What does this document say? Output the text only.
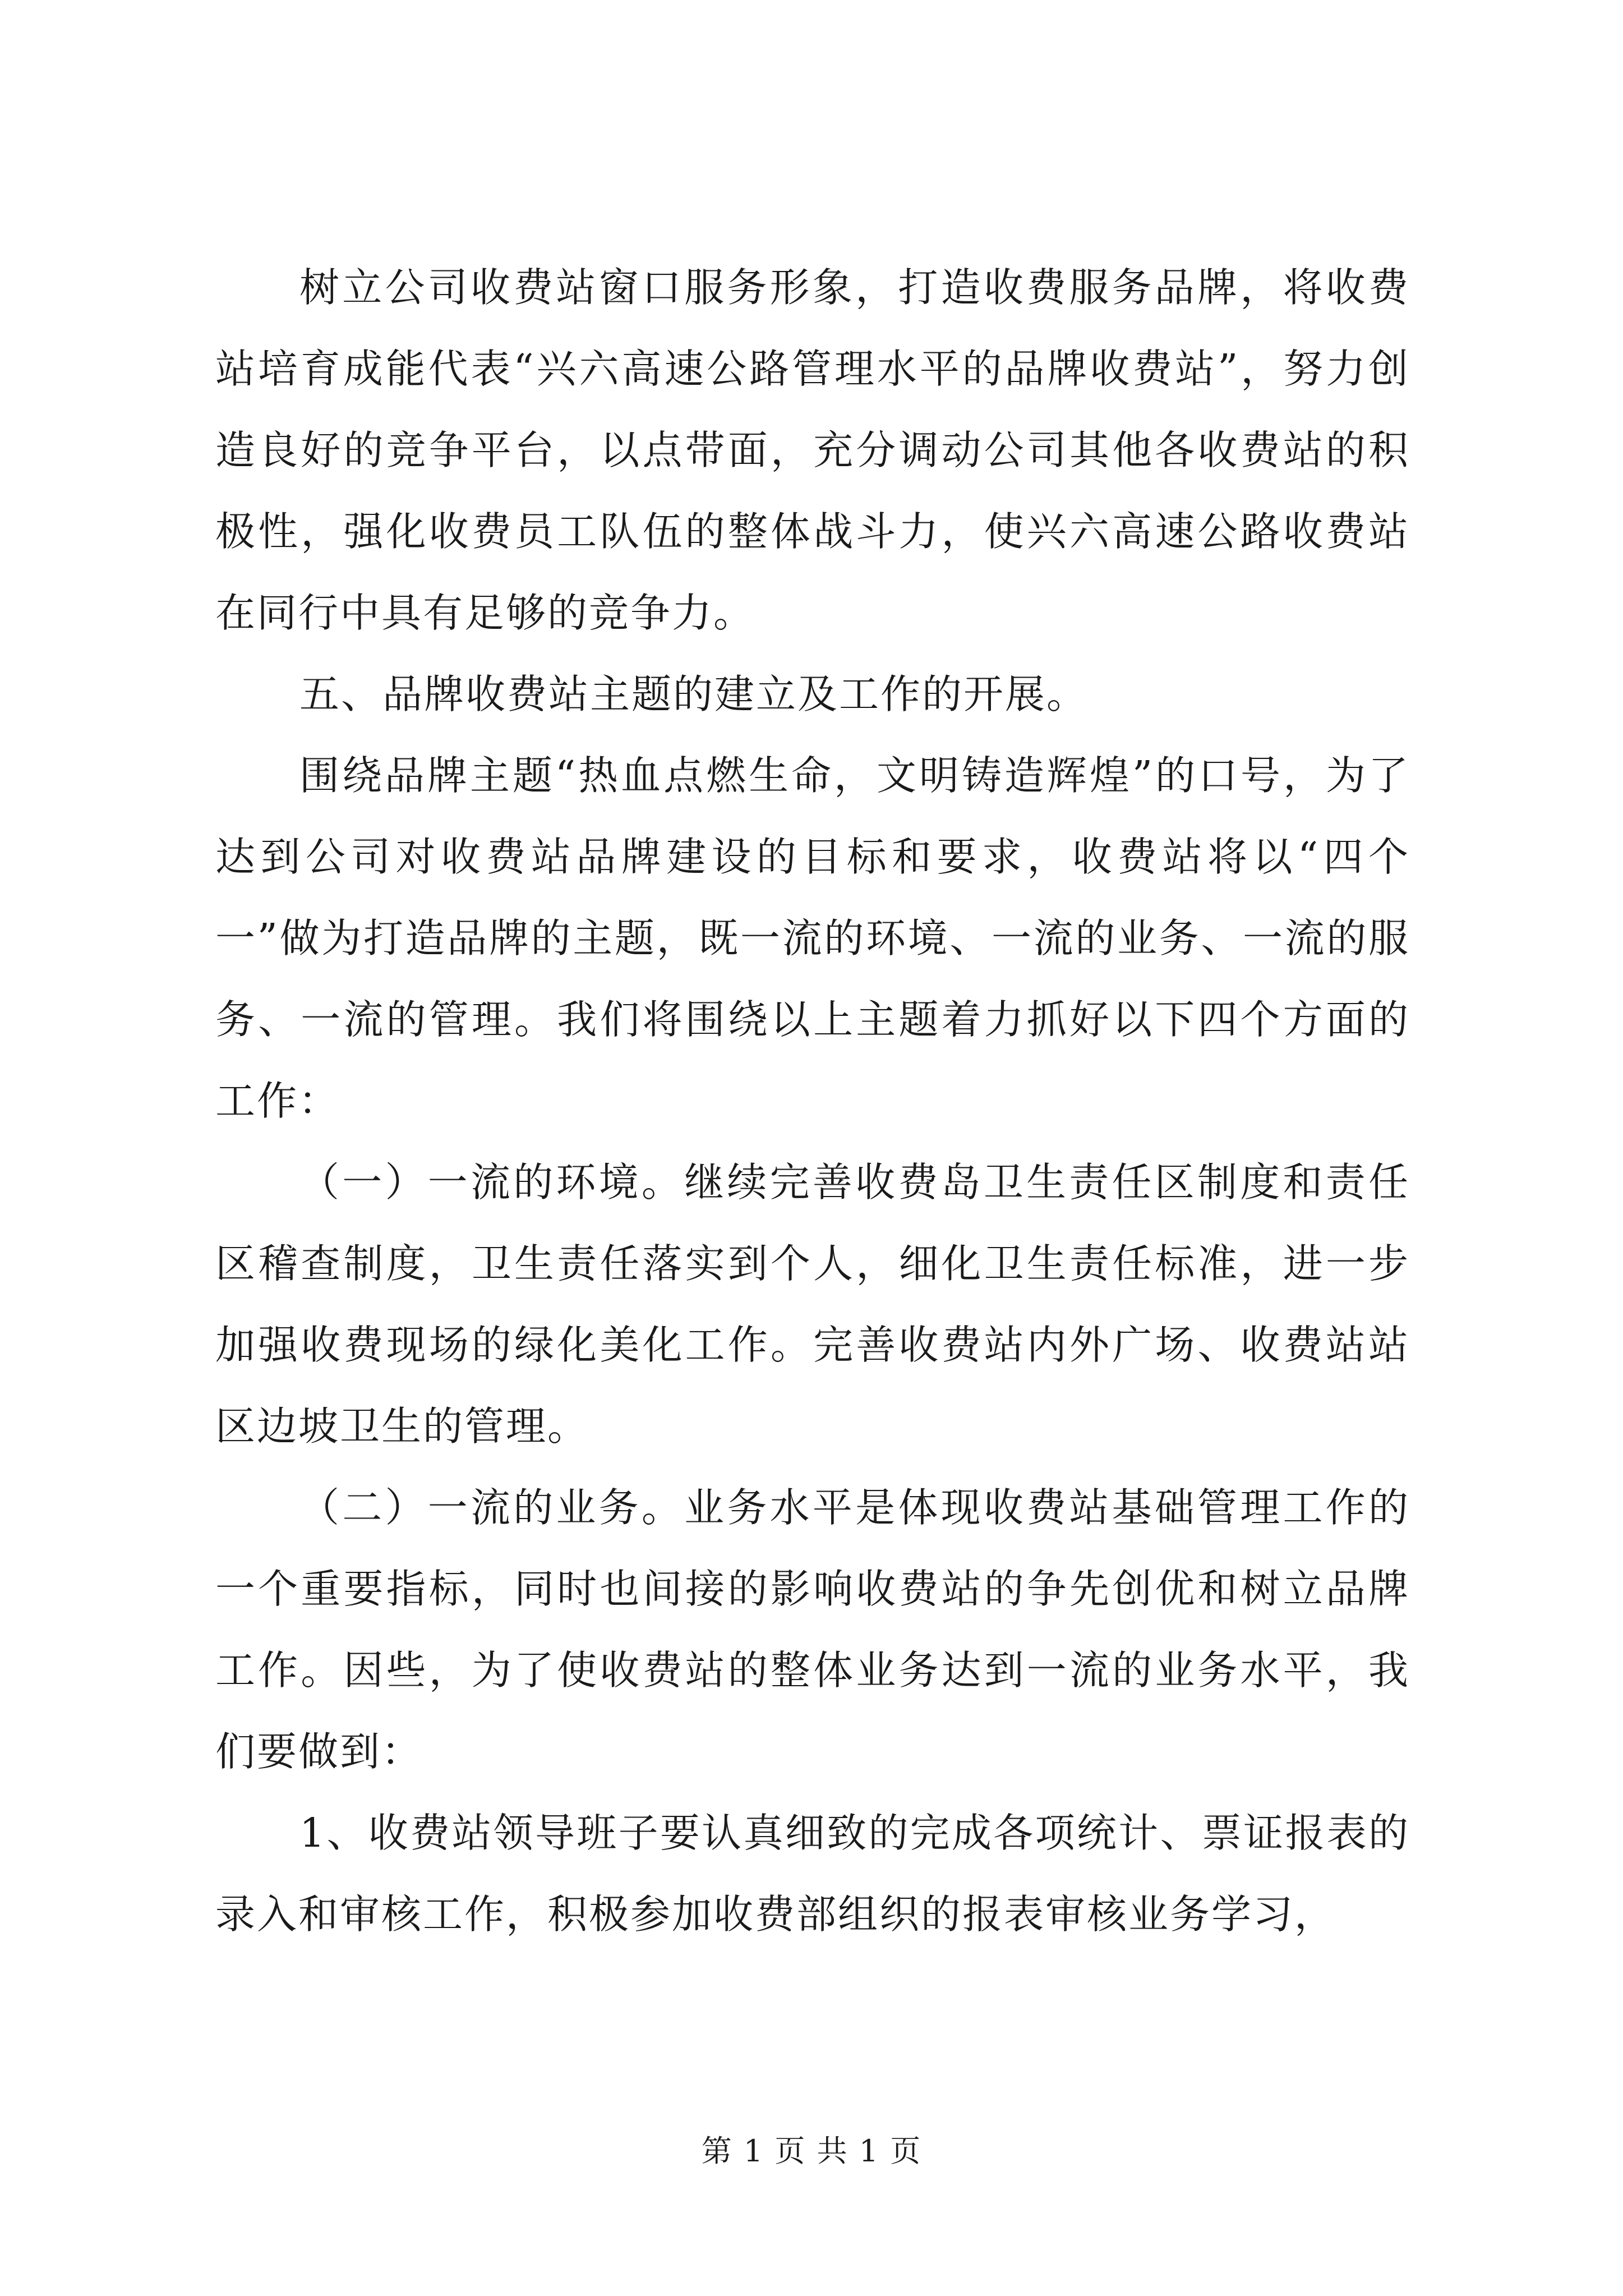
树立公司收费站窗口服务形象，打造收费服务品牌，将收费站培育成能代表“兴六高速公路管理水平的品牌收费站”，努力创造良好的竞争平台，以点带面，充分调动公司其他各收费站的积极性，强化收费员工队伍的整体战斗力，使兴六高速公路收费站在同行中具有足够的竞争力。

五、品牌收费站主题的建立及工作的开展。

围绕品牌主题“热血点燃生命，文明铸造辉煌”的口号，为了达到公司对收费站品牌建设的目标和要求，收费站将以“四个一”做为打造品牌的主题，既一流的环境、一流的业务、一流的服务、一流的管理。我们将围绕以上主题着力抓好以下四个方面的工作：

（一）一流的环境。继续完善收费岛卫生责任区制度和责任区稽查制度，卫生责任落实到个人，细化卫生责任标准，进一步加强收费现场的绿化美化工作。完善收费站内外广场、收费站站区边坡卫生的管理。

（二）一流的业务。业务水平是体现收费站基础管理工作的一个重要指标，同时也间接的影响收费站的争先创优和树立品牌工作。因些，为了使收费站的整体业务达到一流的业务水平，我们要做到：

1、收费站领导班子要认真细致的完成各项统计、票证报表的录入和审核工作，积极参加收费部组织的报表审核业务学习，

第 1 页 共 1 页
